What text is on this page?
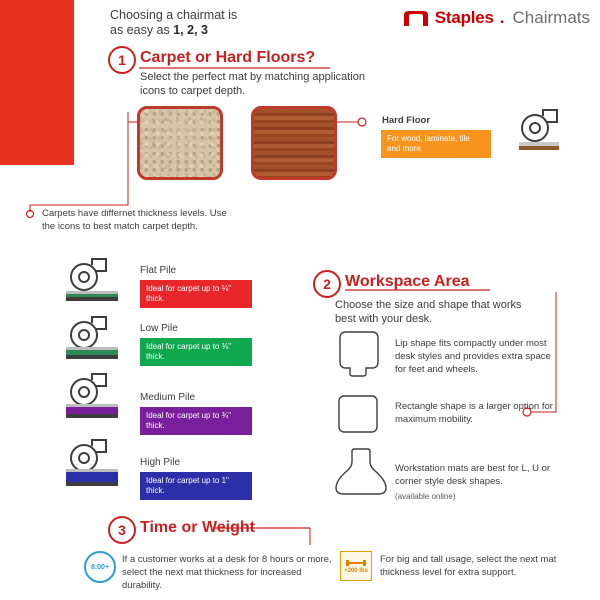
Choosing a chairmat is
as easy as 1, 2, 3
Staples . Chairmats
1 Carpet or Hard Floors?
Select the perfect mat by matching application icons to carpet depth.
Hard Floor
For wood, laminate, tile and more.
Carpets have differnet thickness levels. Use the icons to best match carpet depth.
Flat Pile
Ideal for carpet up to ⅛" thick.
Low Pile
Ideal for carpet up to ⅜" thick.
Medium Pile
Ideal for carpet up to ¾" thick.
High Pile
Ideal for carpet up to 1" thick.
2 Workspace Area
Choose the size and shape that works best with your desk.
Lip shape fits compactly under most desk styles and provides extra space for feet and wheels.
Rectangle shape is a larger option for maximum mobility.
Workstation mats are best for L, U or corner style desk shapes.
(available online)
3 Time or Weight
8:00+
If a customer works at a desk for 8 hours or more, select the next mat thickness for increased durability.
+200 lbs
For big and tall usage, select the next mat thickness level for extra support.
